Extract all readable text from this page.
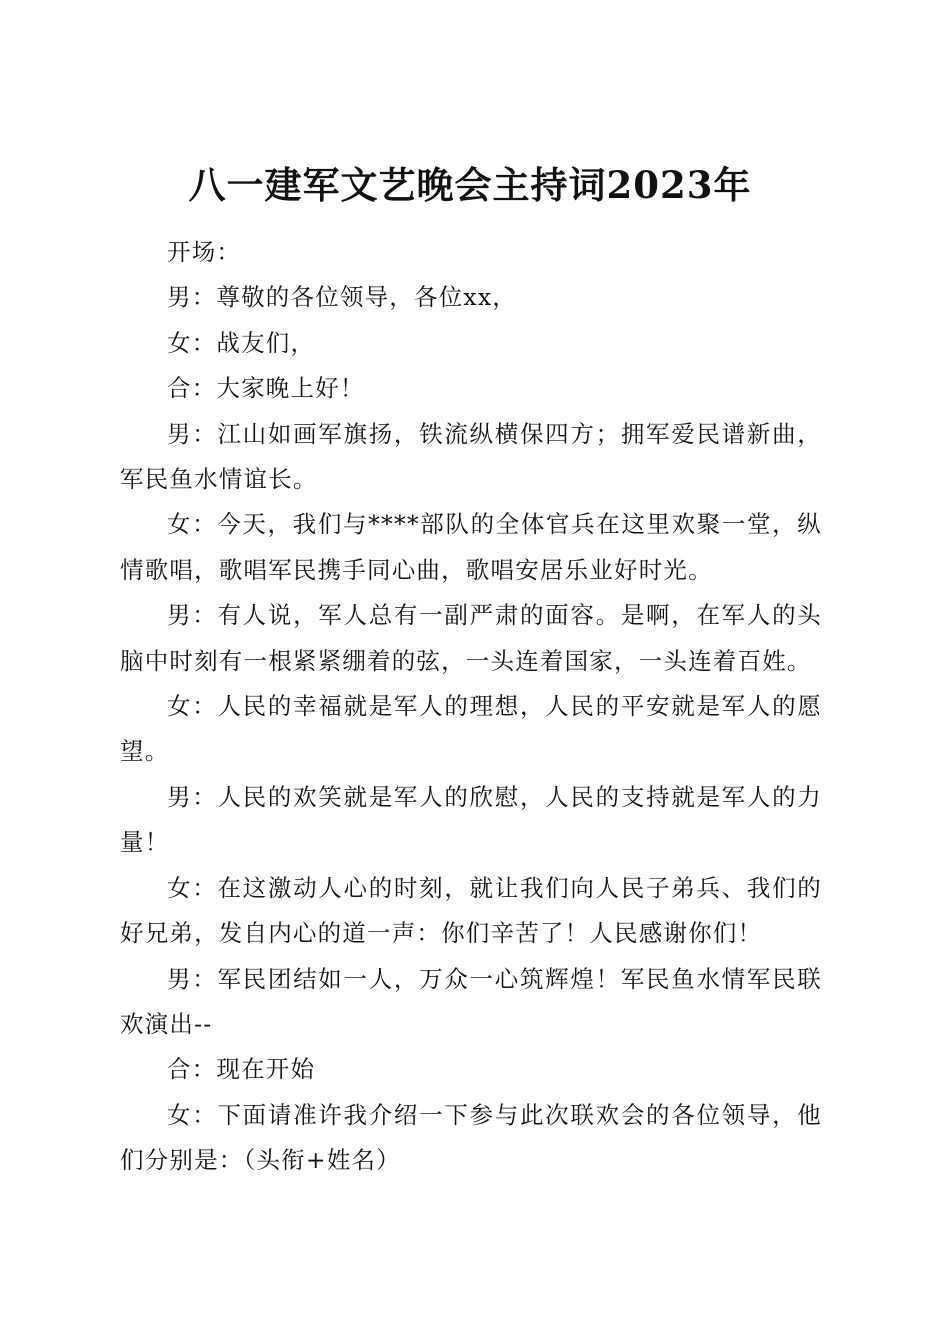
八一建军文艺晚会主持词2023年

开场：

男：尊敬的各位领导，各位xx，

女：战友们，

合：大家晚上好！

男：江山如画军旗扬，铁流纵横保四方；拥军爱民谱新曲，军民鱼水情谊长。

女：今天，我们与****部队的全体官兵在这里欢聚一堂，纵情歌唱，歌唱军民携手同心曲，歌唱安居乐业好时光。

男：有人说，军人总有一副严肃的面容。是啊，在军人的头脑中时刻有一根紧紧绷着的弦，一头连着国家，一头连着百姓。

女：人民的幸福就是军人的理想，人民的平安就是军人的愿望。

男：人民的欢笑就是军人的欣慰，人民的支持就是军人的力量！

女：在这激动人心的时刻，就让我们向人民子弟兵、我们的好兄弟，发自内心的道一声：你们辛苦了！人民感谢你们！

男：军民团结如一人，万众一心筑辉煌！军民鱼水情军民联欢演出--

合：现在开始

女：下面请准许我介绍一下参与此次联欢会的各位领导，他们分别是：（头衔+姓名）
